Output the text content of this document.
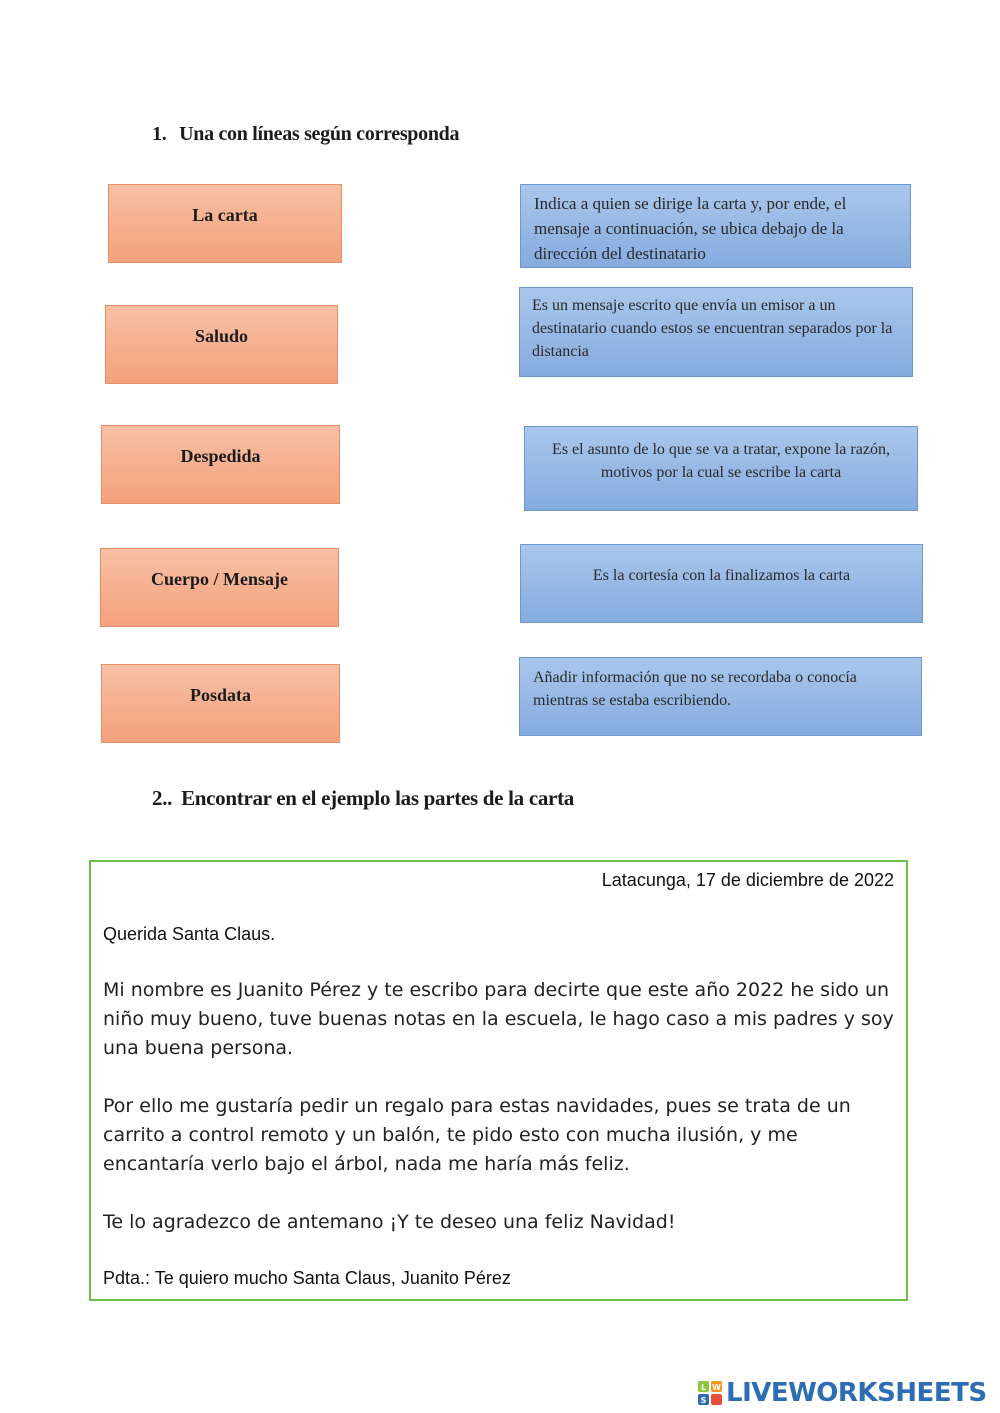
1. Una con líneas según corresponda
La carta
Saludo
Despedida
Cuerpo / Mensaje
Posdata
Indica a quien se dirige la carta y, por ende, el mensaje a continuación, se ubica debajo de la dirección del destinatario
Es un mensaje escrito que envía un emisor a un destinatario cuando estos se encuentran separados por la distancia
Es el asunto de lo que se va a tratar, expone la razón, motivos por la cual se escribe la carta
Es la cortesía con la finalizamos la carta
Añadir información que no se recordaba o conocía mientras se estaba escribiendo.
2.. Encontrar en el ejemplo las partes de la carta
Latacunga, 17 de diciembre de 2022
Querida Santa Claus.
Mi nombre es Juanito Pérez y te escribo para decirte que este año 2022 he sido un niño muy bueno, tuve buenas notas en la escuela, le hago caso a mis padres y soy una buena persona.
Por ello me gustaría pedir un regalo para estas navidades, pues se trata de un carrito a control remoto y un balón, te pido esto con mucha ilusión, y me encantaría verlo bajo el árbol, nada me haría más feliz.
Te lo agradezco de antemano ¡Y te deseo una feliz Navidad!
Pdta.: Te quiero mucho Santa Claus, Juanito Pérez
L W
S LIVEWORKSHEETS
